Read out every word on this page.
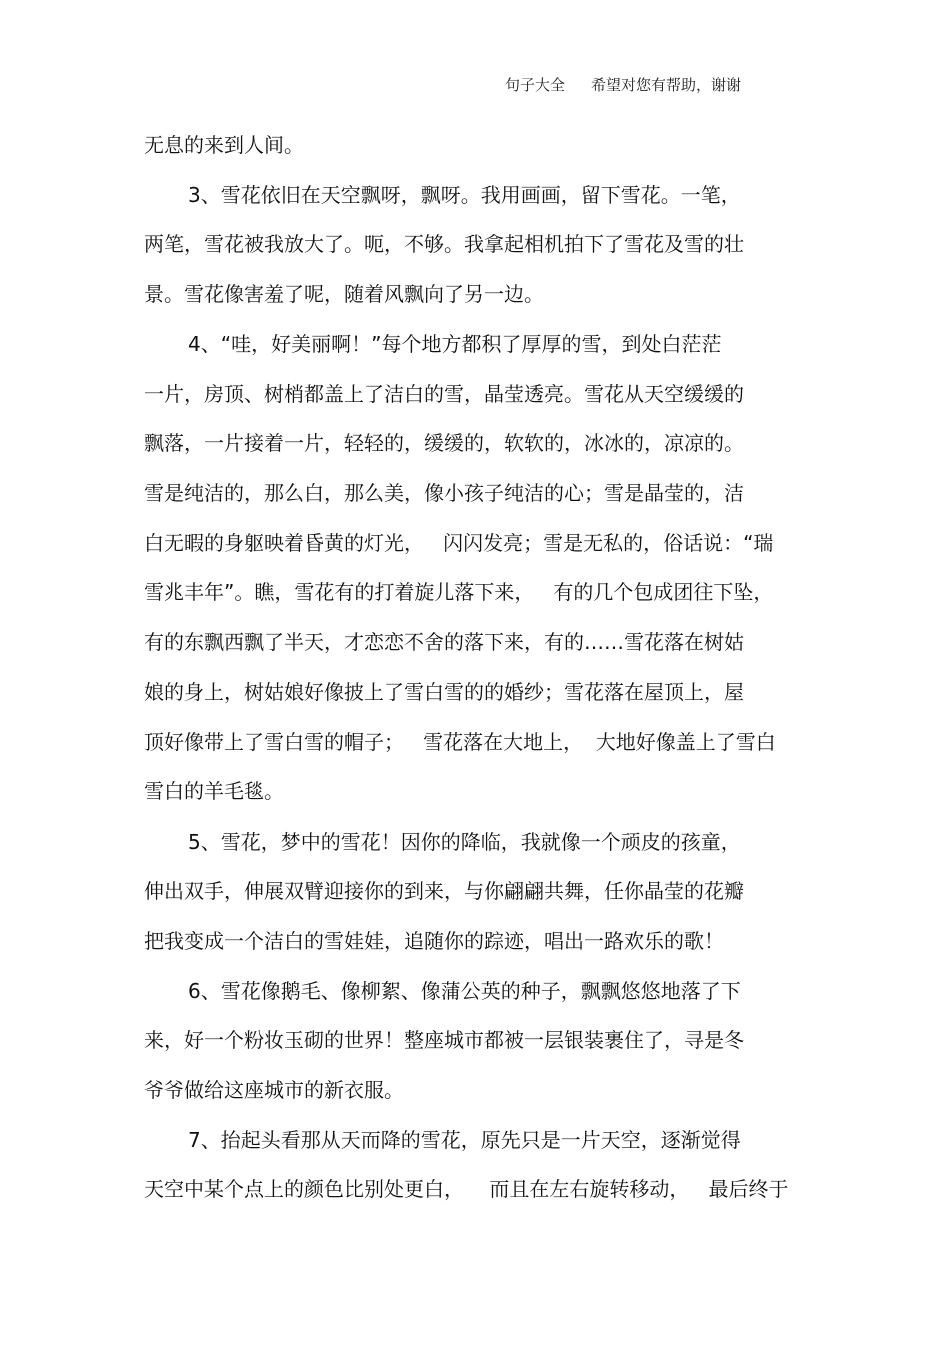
句子大全 希望对您有帮助，谢谢
无息的来到人间。
3、雪花依旧在天空飘呀，飘呀。我用画画，留下雪花。一笔，
两笔，雪花被我放大了。呃，不够。我拿起相机拍下了雪花及雪的壮
景。雪花像害羞了呢，随着风飘向了另一边。
4、“哇，好美丽啊！”每个地方都积了厚厚的雪，到处白茫茫
一片，房顶、树梢都盖上了洁白的雪，晶莹透亮。雪花从天空缓缓的
飘落，一片接着一片，轻轻的，缓缓的，软软的，冰冰的，凉凉的。
雪是纯洁的，那么白，那么美，像小孩子纯洁的心；雪是晶莹的，洁
白无暇的身躯映着昏黄的灯光，   闪闪发亮；雪是无私的，俗话说：“瑞
雪兆丰年”。瞧，雪花有的打着旋儿落下来，   有的几个包成团往下坠，
有的东飘西飘了半天，才恋恋不舍的落下来，有的……雪花落在树姑
娘的身上，树姑娘好像披上了雪白雪的的婚纱；雪花落在屋顶上，屋
顶好像带上了雪白雪的帽子；   雪花落在大地上，  大地好像盖上了雪白
雪白的羊毛毯。
5、雪花，梦中的雪花！因你的降临，我就像一个顽皮的孩童，
伸出双手，伸展双臂迎接你的到来，与你翩翩共舞，任你晶莹的花瓣
把我变成一个洁白的雪娃娃，追随你的踪迹，唱出一路欢乐的歌！
6、雪花像鹅毛、像柳絮、像蒲公英的种子，飘飘悠悠地落了下
来，好一个粉妆玉砌的世界！整座城市都被一层银装裹住了，寻是冬
爷爷做给这座城市的新衣服。
7、抬起头看那从天而降的雪花，原先只是一片天空，逐渐觉得
天空中某个点上的颜色比别处更白，    而且在左右旋转移动，   最后终于
